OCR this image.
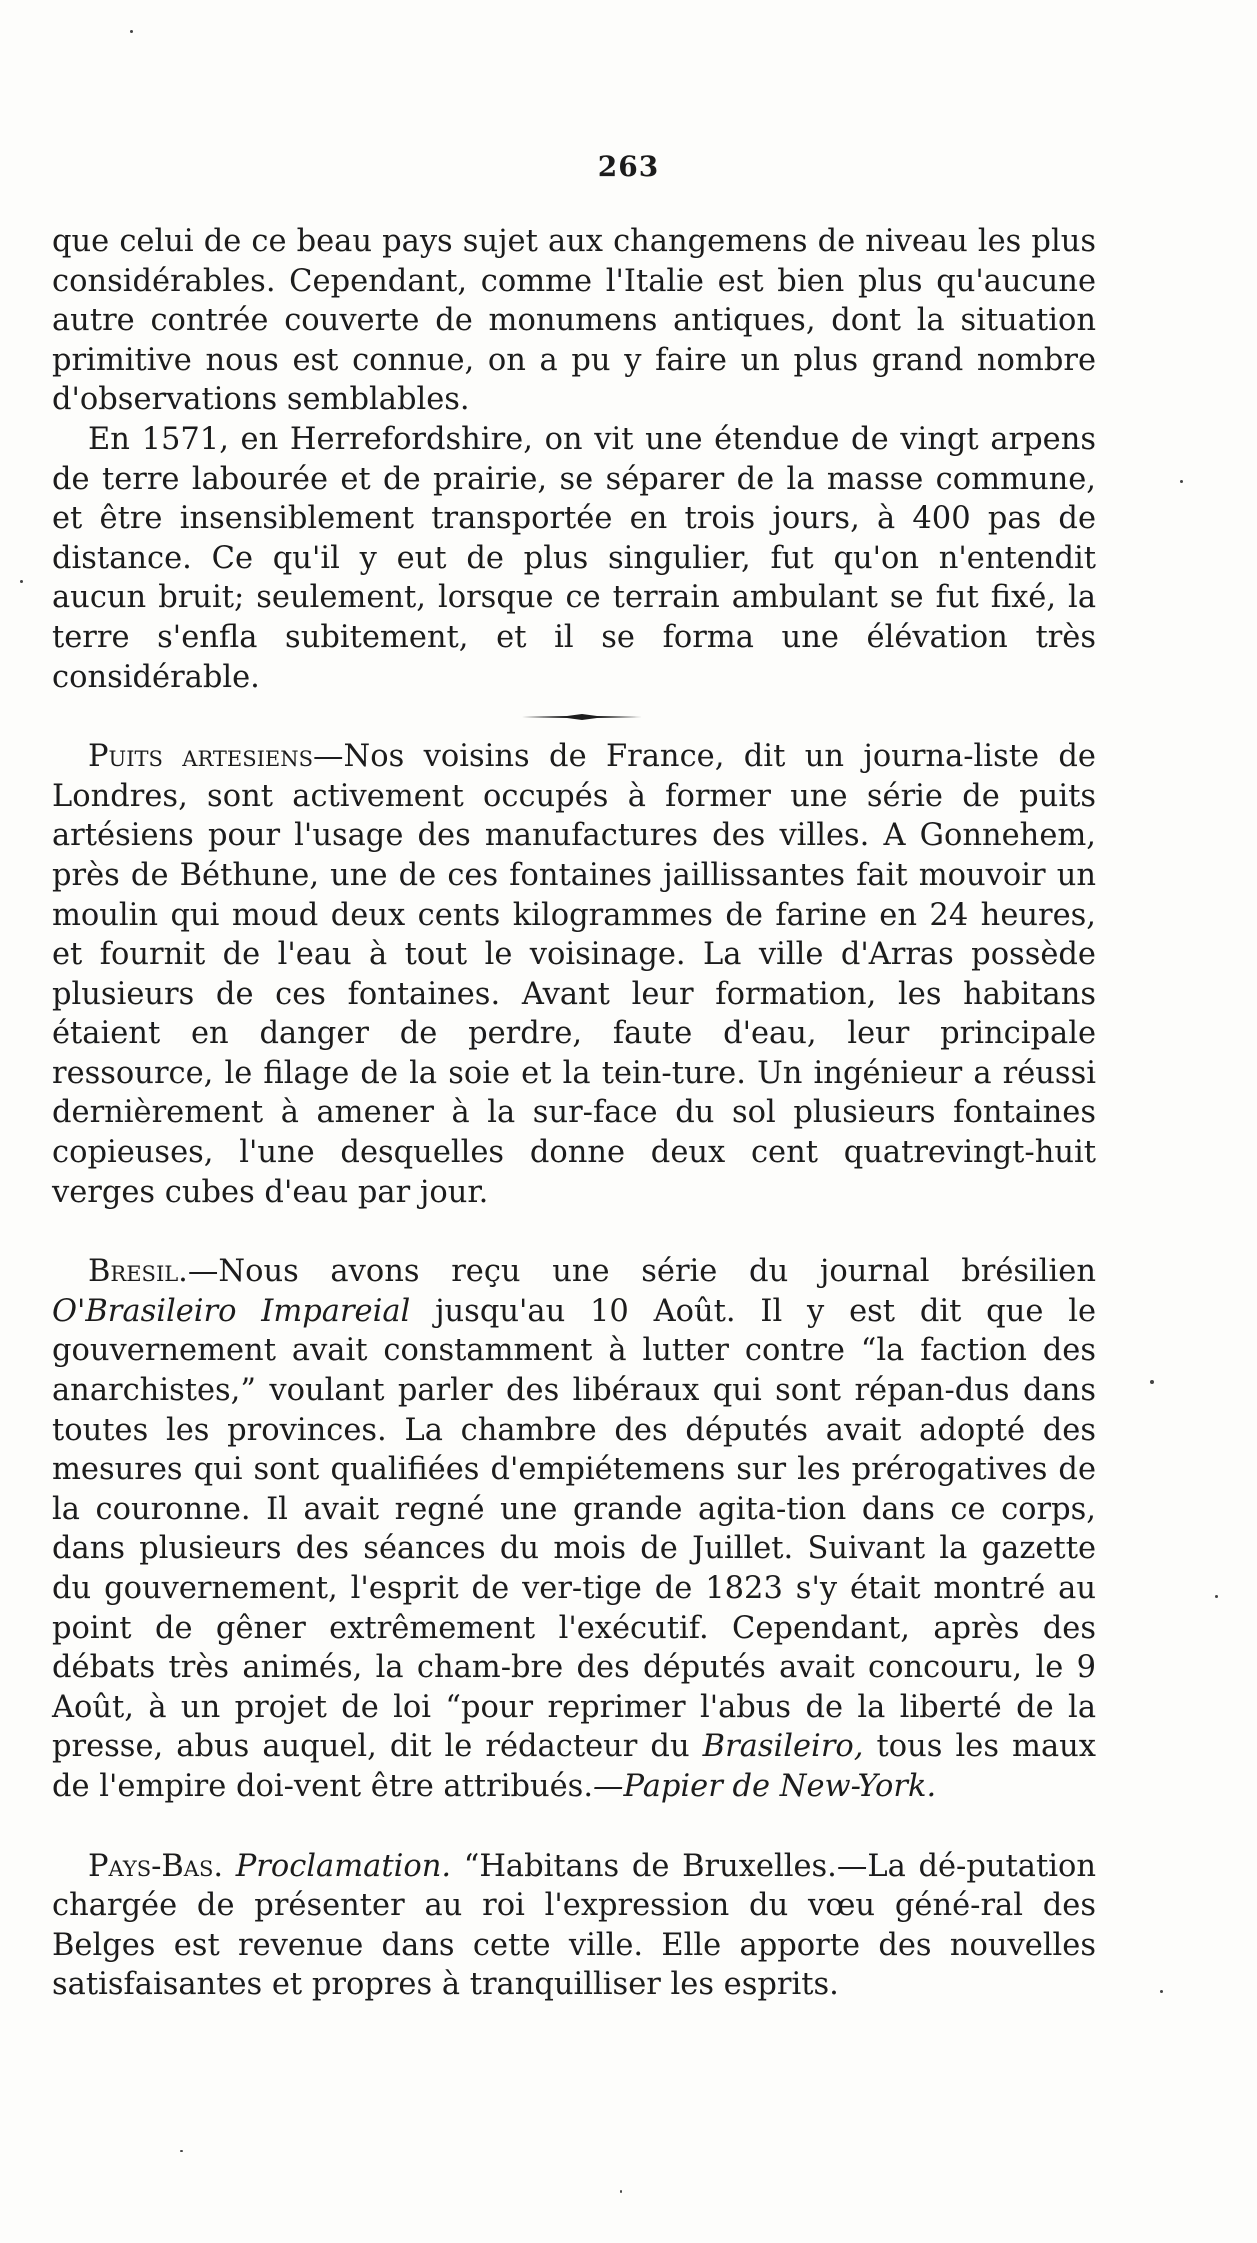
263

que celui de ce beau pays sujet aux changemens de niveau les plus considérables. Cependant, comme l'Italie est bien plus qu'aucune autre contrée couverte de monumens antiques, dont la situation primitive nous est connue, on a pu y faire un plus grand nombre d'observations semblables.

En 1571, en Herrefordshire, on vit une étendue de vingt arpens de terre labourée et de prairie, se séparer de la masse commune, et être insensiblement transportée en trois jours, à 400 pas de distance. Ce qu'il y eut de plus singulier, fut qu'on n'entendit aucun bruit; seulement, lorsque ce terrain ambulant se fut fixé, la terre s'enfla subitement, et il se forma une élévation très considérable.

Puits artesiens—Nos voisins de France, dit un journa-liste de Londres, sont activement occupés à former une série de puits artésiens pour l'usage des manufactures des villes. A Gonnehem, près de Béthune, une de ces fontaines jaillissantes fait mouvoir un moulin qui moud deux cents kilogrammes de farine en 24 heures, et fournit de l'eau à tout le voisinage. La ville d'Arras possède plusieurs de ces fontaines. Avant leur formation, les habitans étaient en danger de perdre, faute d'eau, leur principale ressource, le filage de la soie et la tein-ture. Un ingénieur a réussi dernièrement à amener à la sur-face du sol plusieurs fontaines copieuses, l'une desquelles donne deux cent quatrevingt-huit verges cubes d'eau par jour.

Bresil.—Nous avons reçu une série du journal brésilien O'Brasileiro Impareial jusqu'au 10 Août. Il y est dit que le gouvernement avait constamment à lutter contre “la faction des anarchistes,” voulant parler des libéraux qui sont répan-dus dans toutes les provinces. La chambre des députés avait adopté des mesures qui sont qualifiées d'empiétemens sur les prérogatives de la couronne. Il avait regné une grande agita-tion dans ce corps, dans plusieurs des séances du mois de Juillet. Suivant la gazette du gouvernement, l'esprit de ver-tige de 1823 s'y était montré au point de gêner extrêmement l'exécutif. Cependant, après des débats très animés, la cham-bre des députés avait concouru, le 9 Août, à un projet de loi “pour reprimer l'abus de la liberté de la presse, abus auquel, dit le rédacteur du Brasileiro, tous les maux de l'empire doi-vent être attribués.—Papier de New-York.

Pays-Bas. Proclamation. “Habitans de Bruxelles.—La dé-putation chargée de présenter au roi l'expression du vœu géné-ral des Belges est revenue dans cette ville. Elle apporte des nouvelles satisfaisantes et propres à tranquilliser les esprits.
